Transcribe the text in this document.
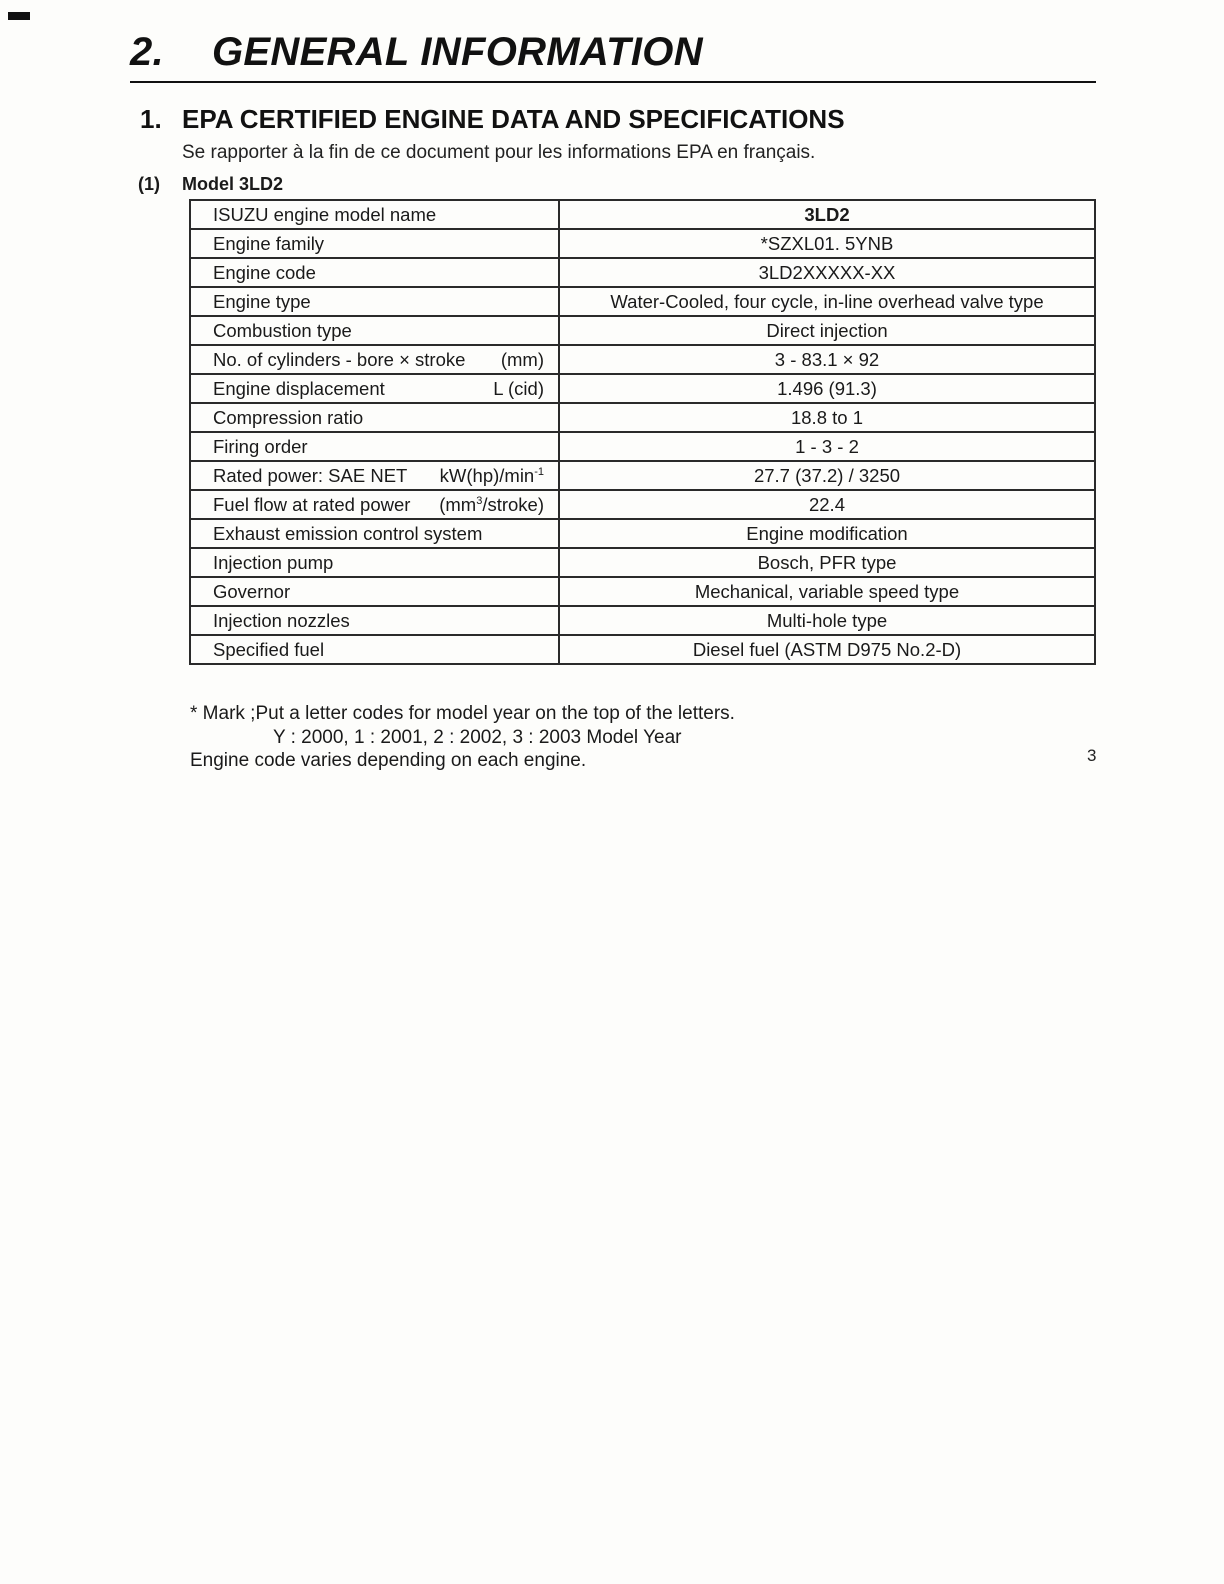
2. GENERAL INFORMATION
1. EPA CERTIFIED ENGINE DATA AND SPECIFICATIONS
Se rapporter à la fin de ce document pour les informations EPA en français.
(1) Model 3LD2
ISUZU engine model name	3LD2
Engine family	*SZXL01. 5YNB
Engine code	3LD2XXXXX-XX
Engine type	Water-Cooled, four cycle, in-line overhead valve type
Combustion type	Direct injection

No. of cylinders - bore × stroke (mm)	3 - 83.1 × 92

Engine displacement L (cid)	1.496 (91.3)
Compression ratio	18.8 to 1
Firing order	1 - 3 - 2

Rated power: SAE NET $kW(hp)/\min^{-1}$	27.7 (37.2) / 3250

Fuel flow at rated power $(mm^3/stroke)$	22.4
Exhaust emission control system	Engine modification
Injection pump	Bosch, PFR type
Governor	Mechanical, variable speed type
Injection nozzles	Multi-hole type
Specified fuel	Diesel fuel (ASTM D975 No.2-D)
* Mark ;Put a letter codes for model year on the top of the letters.
Y : 2000, 1 : 2001, 2 : 2002, 3 : 2003 Model Year
Engine code varies depending on each engine.	3
